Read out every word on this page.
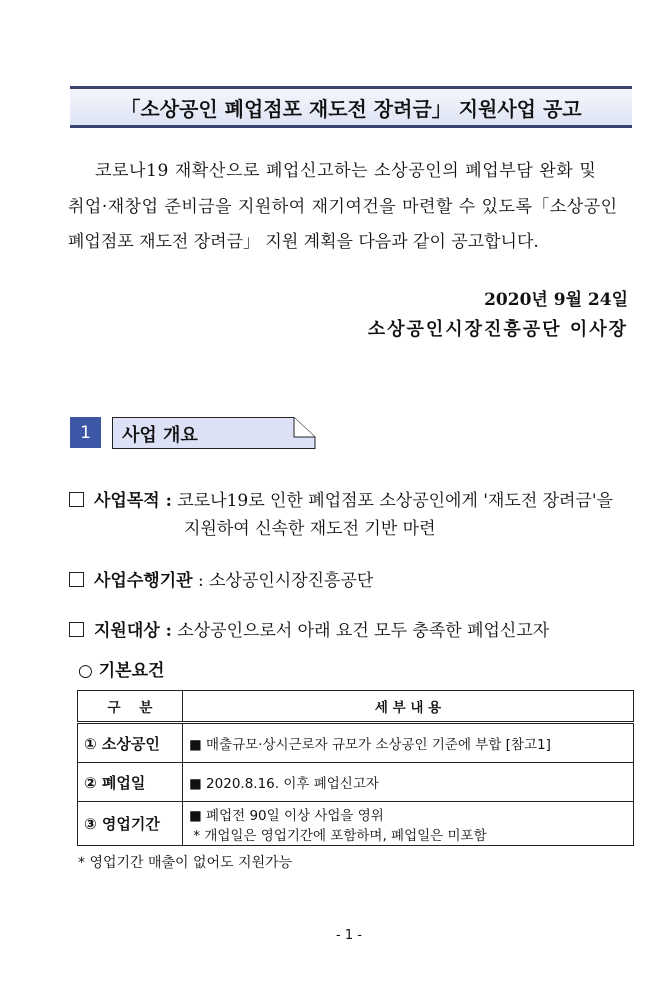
「소상공인 폐업점포 재도전 장려금」 지원사업 공고
코로나19 재확산으로 폐업신고하는 소상공인의 폐업부담 완화 및
취업·재창업 준비금을 지원하여 재기여건을 마련할 수 있도록「소상공인
폐업점포 재도전 장려금」 지원 계획을 다음과 같이 공고합니다.
2020년 9월 24일
소상공인시장진흥공단 이사장
1	사업 개요
사업목적 : 코로나19로 인한 폐업점포 소상공인에게 '재도전 장려금'을
지원하여 신속한 재도전 기반 마련
사업수행기관 : 소상공인시장진흥공단
지원대상 : 소상공인으로서 아래 요건 모두 충족한 폐업신고자
○ 기본요건
구    분	세 부 내 용
① 소상공인	■ 매출규모·상시근로자 규모가 소상공인 기준에 부합 [참고1]
② 폐업일	■ 2020.8.16. 이후 폐업신고자
③ 영업기간	■ 폐업전 90일 이상 사업을 영위
* 개업일은 영업기간에 포함하며, 폐업일은 미포함
* 영업기간 매출이 없어도 지원가능
- 1 -
